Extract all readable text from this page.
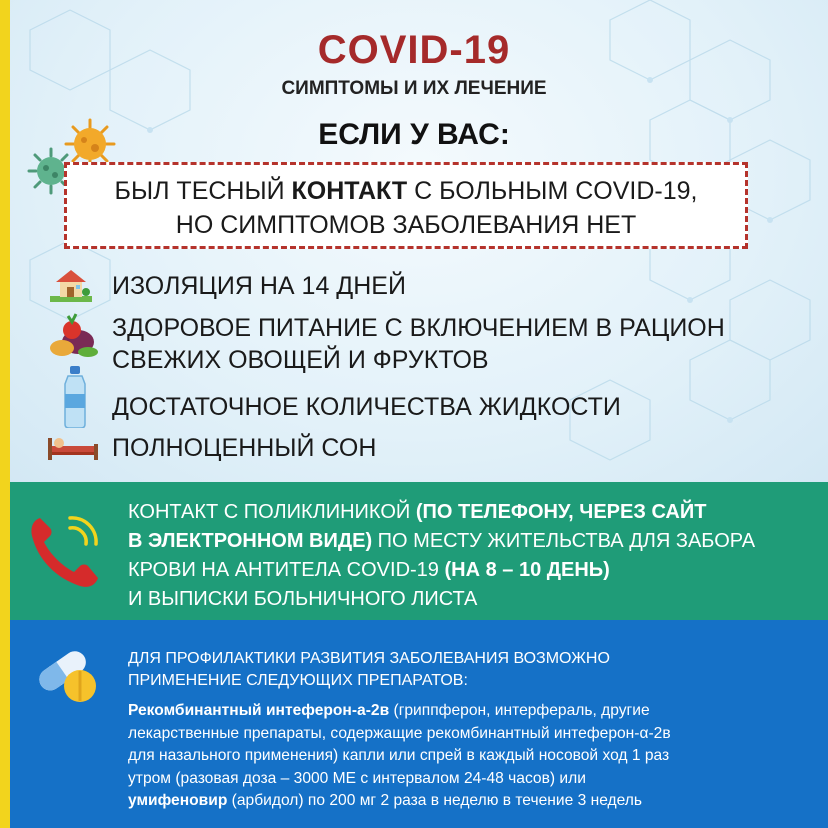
COVID-19
СИМПТОМЫ И ИХ ЛЕЧЕНИЕ
ЕСЛИ У ВАС:
БЫЛ ТЕСНЫЙ КОНТАКТ С БОЛЬНЫМ COVID-19,
НО СИМПТОМОВ ЗАБОЛЕВАНИЯ НЕТ
ИЗОЛЯЦИЯ НА 14 ДНЕЙ
ЗДОРОВОЕ ПИТАНИЕ С ВКЛЮЧЕНИЕМ В РАЦИОН
СВЕЖИХ ОВОЩЕЙ И ФРУКТОВ
ДОСТАТОЧНОЕ КОЛИЧЕСТВА ЖИДКОСТИ
ПОЛНОЦЕННЫЙ СОН
КОНТАКТ С ПОЛИКЛИНИКОЙ (ПО ТЕЛЕФОНУ, ЧЕРЕЗ САЙТ
В ЭЛЕКТРОННОМ ВИДЕ) ПО МЕСТУ ЖИТЕЛЬСТВА ДЛЯ ЗАБОРА
КРОВИ НА АНТИТЕЛА COVID-19 (НА 8 – 10 ДЕНЬ)
И ВЫПИСКИ БОЛЬНИЧНОГО ЛИСТА
ДЛЯ ПРОФИЛАКТИКИ РАЗВИТИЯ ЗАБОЛЕВАНИЯ ВОЗМОЖНО
ПРИМЕНЕНИЕ СЛЕДУЮЩИХ ПРЕПАРАТОВ:
Рекомбинантный интеферон-а-2в (гриппферон, интерфераль, другие
лекарственные препараты, содержащие рекомбинантный интеферон-α-2в
для назального применения) капли или спрей в каждый носовой ход 1 раз
утром (разовая доза – 3000 МЕ с интервалом 24-48 часов) или
умифеновир (арбидол) по 200 мг 2 раза в неделю в течение 3 недель
